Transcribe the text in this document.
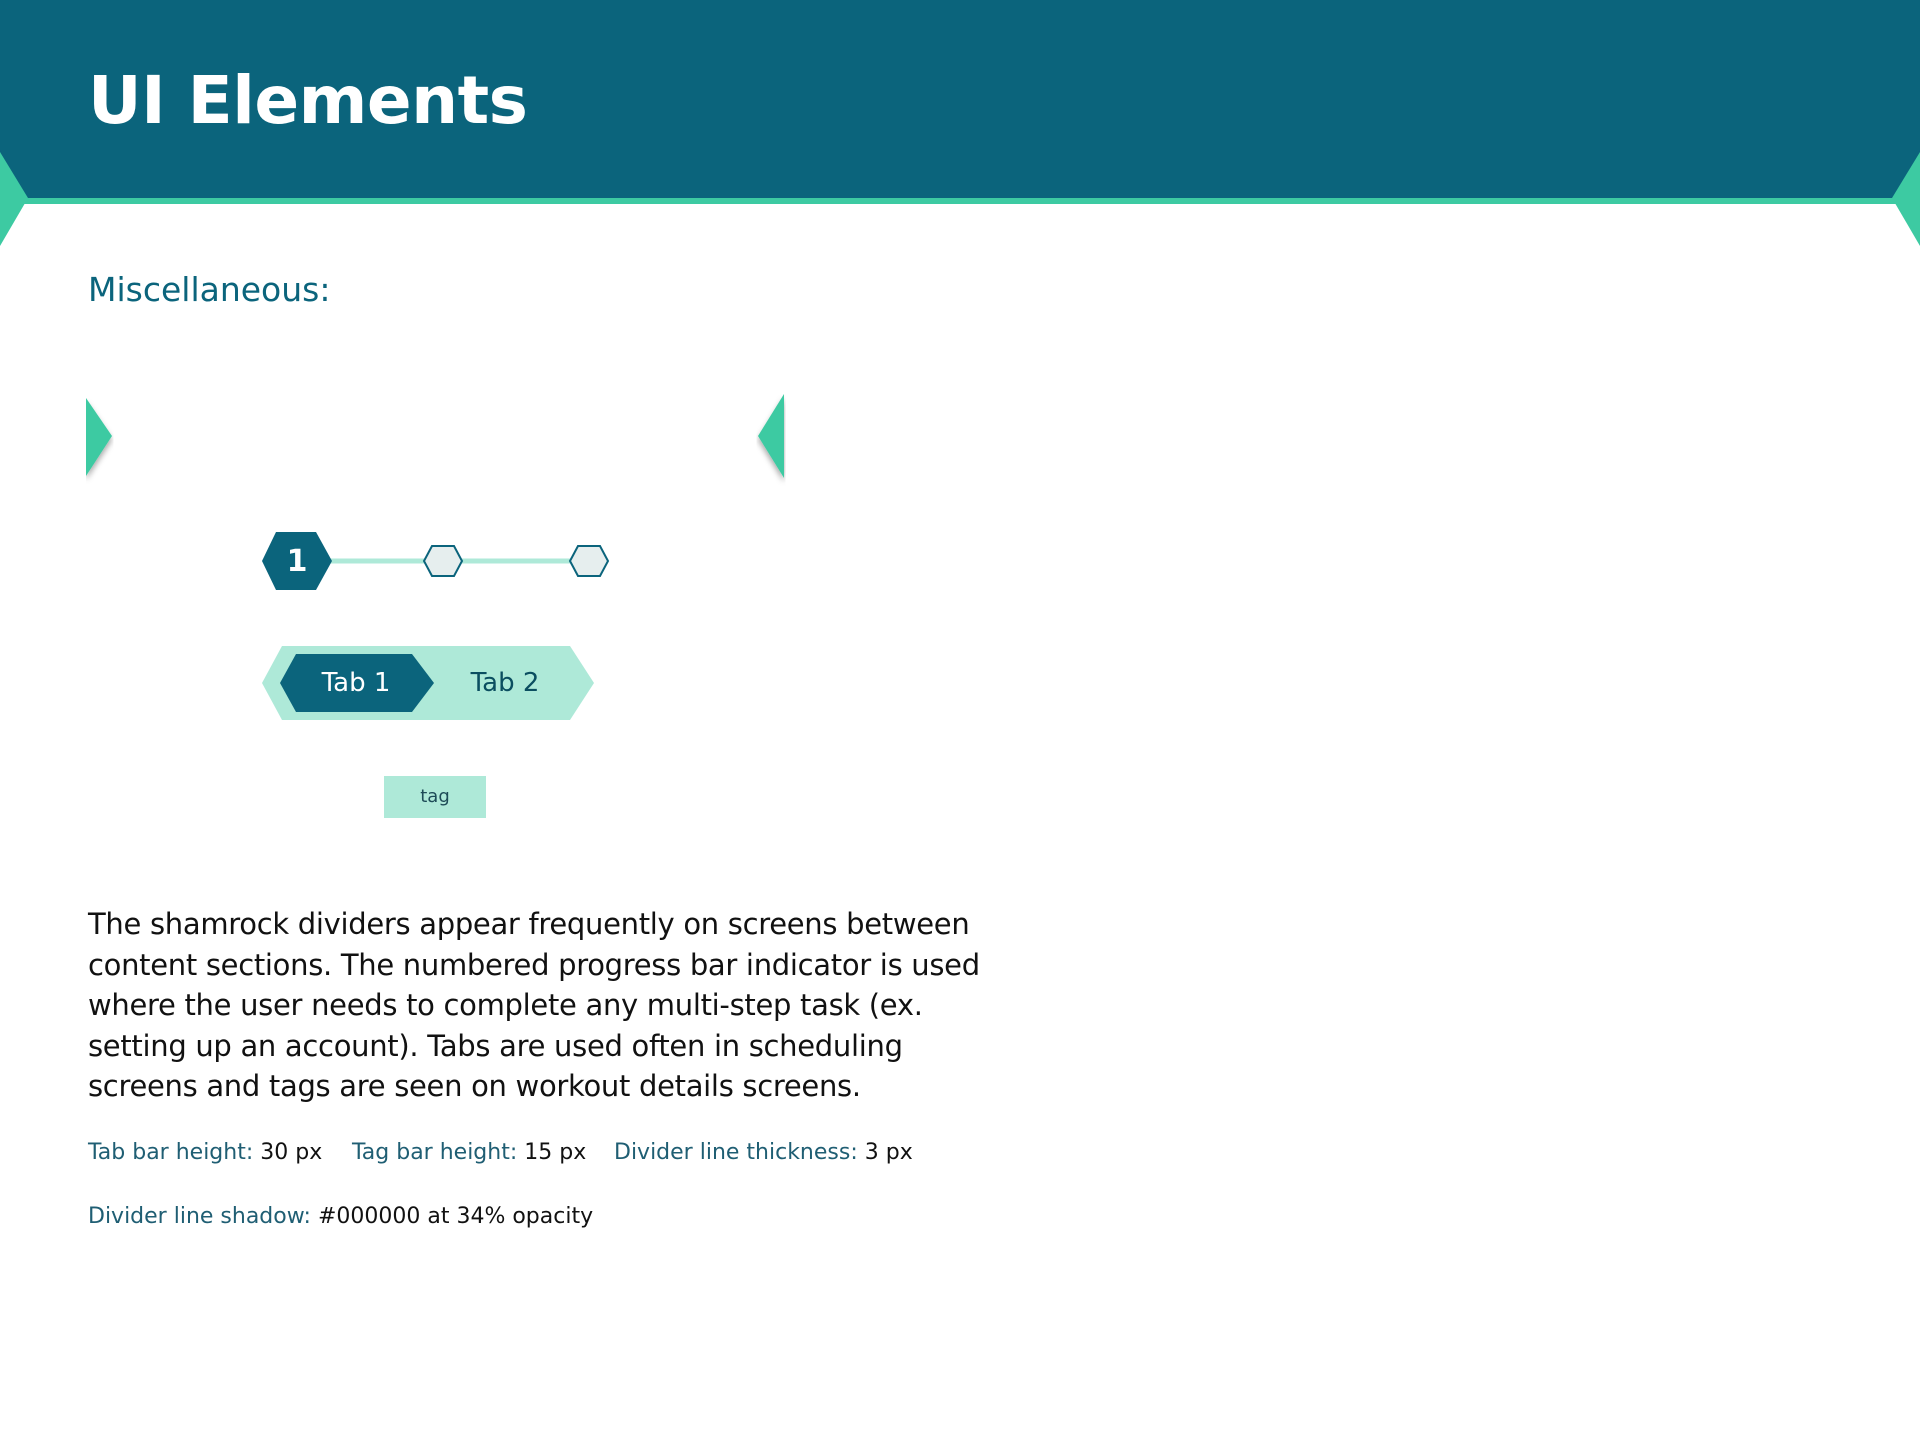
UI Elements
Miscellaneous:
1
Tab 1	Tab 2
tag

The shamrock dividers appear frequently on screens between content sections. The numbered progress bar indicator is used where the user needs to complete any multi-step task (ex. setting up an account). Tabs are used often in scheduling screens and tags are seen on workout details screens.

Tab bar height: 30 px Tag bar height: 15 px Divider line thickness: 3 px
Divider line shadow: #000000 at 34% opacity
